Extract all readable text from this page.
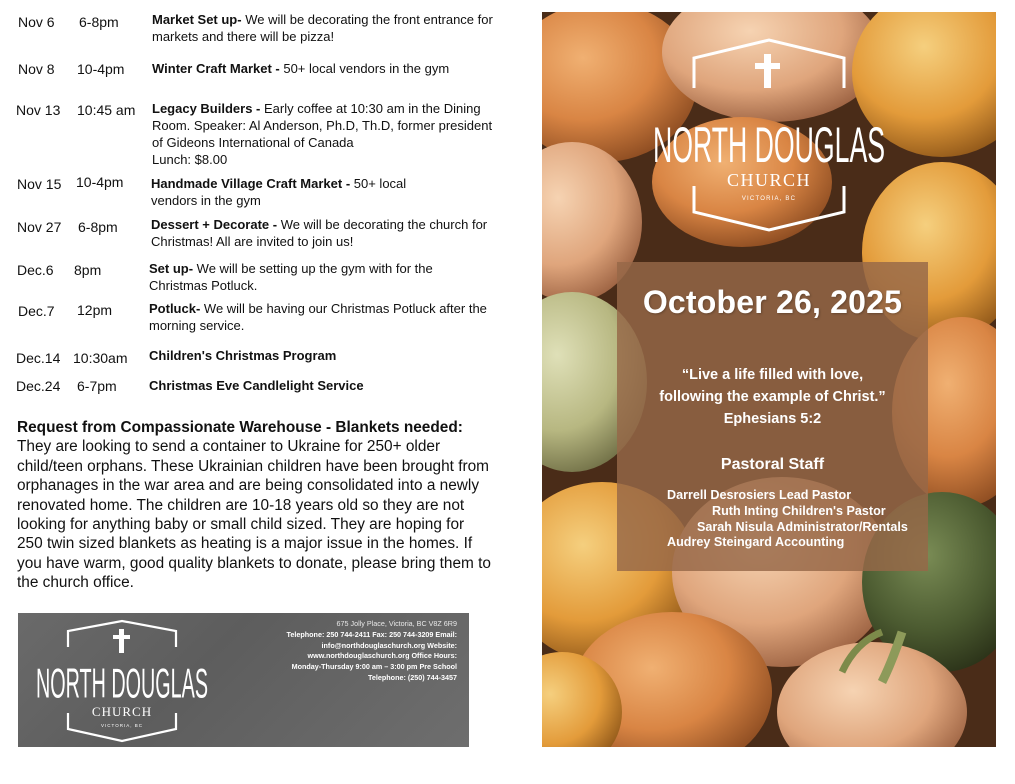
Nov 6 6-8pm	Market Set up- We will be decorating the front entrance for markets and there will be pizza!
Nov 8 10-4pm Winter Craft Market - 50+ local vendors in the gym
Nov 13 10:45 am Legacy Builders - Early coffee at 10:30 am in the Dining Room. Speaker: Al Anderson, Ph.D, Th.D, former president of Gideons International of Canada
Lunch: $8.00
Nov 15 10-4pm Handmade Village Craft Market - 50+ local vendors in the gym
Nov 27 6-8pm	Dessert + Decorate - We will be decorating the church for Christmas! All are invited to join us!
Dec.6 8pm	Set up- We will be setting up the gym with for the Christmas Potluck.
Dec.7 12pm	Potluck- We will be having our Christmas Potluck after the morning service.
Dec.14 10:30am Children's Christmas Program
Dec.24 6-7pm Christmas Eve Candlelight Service
Request from Compassionate Warehouse - Blankets needed:
They are looking to send a container to Ukraine for 250+ older child/teen orphans. These Ukrainian children have been brought from orphanages in the war area and are being consolidated into a newly renovated home. The children are 10-18 years old so they are not looking for anything baby or small child sized. They are hoping for 250 twin sized blankets as heating is a major issue in the homes. If you have warm, good quality blankets to donate, please bring them to the church office.
NORTH DOUGLAS
CHURCH
VICTORIA, BC
675 Jolly Place, Victoria, BC V8Z 6R9
Telephone: 250 744-2411 Fax: 250 744-3209 Email:
info@northdouglaschurch.org Website:
www.northdouglaschurch.org Office Hours:
Monday-Thursday 9:00 am – 3:00 pm Pre School
Telephone: (250) 744-3457
NORTH DOUGLAS
CHURCH
VICTORIA, BC
October 26, 2025
“Live a life filled with love,
following the example of Christ.”
Ephesians 5:2
Pastoral Staff
Darrell Desrosiers Lead Pastor
Ruth Inting Children's Pastor
Sarah Nisula Administrator/Rentals
Audrey Steingard Accounting
